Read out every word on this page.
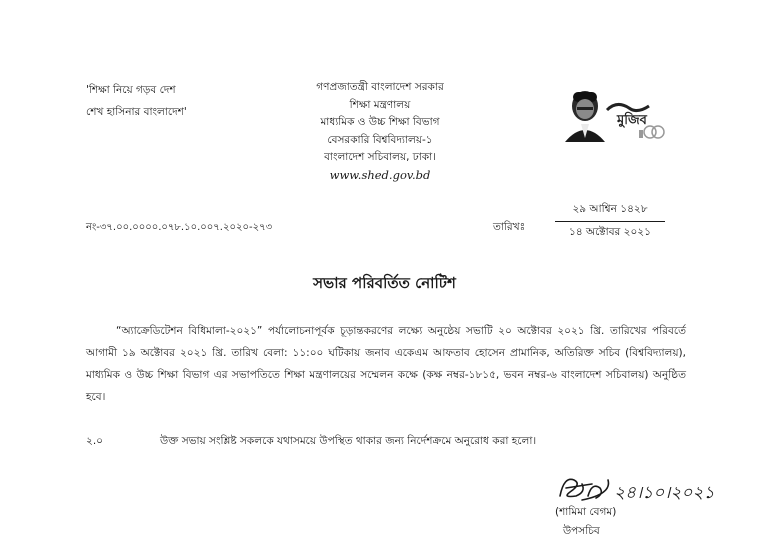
'শিক্ষা নিয়ে গড়ব দেশ
শেখ হাসিনার বাংলাদেশ'
গণপ্রজাতন্ত্রী বাংলাদেশ সরকার
শিক্ষা মন্ত্রণালয়
মাধ্যমিক ও উচ্চ শিক্ষা বিভাগ
বেসরকারি বিশ্ববিদ্যালয়-১
বাংলাদেশ সচিবালয়, ঢাকা।
www.shed.gov.bd
মুজিব
নং-৩৭.০০.০০০০.০৭৮.১০.০০৭.২০২০-২৭৩	তারিখঃ
২৯ আশ্বিন ১৪২৮
১৪ অক্টোবর ২০২১
সভার পরিবর্তিত নোটিশ
“অ্যাক্রেডিটেশন বিধিমালা-২০২১” পর্যালোচনাপূর্বক চূড়ান্তকরণের লক্ষ্যে অনুষ্ঠেয় সভাটি ২০ অক্টোবর ২০২১ খ্রি. তারিখের পরিবর্তে আগামী ১৯ অক্টোবর ২০২১ খ্রি. তারিখ বেলা: ১১:০০ ঘটিকায় জনাব একেএম আফতাব হোসেন প্রামানিক, অতিরিক্ত সচিব (বিশ্ববিদ্যালয়), মাধ্যমিক ও উচ্চ শিক্ষা বিভাগ এর সভাপতিতে শিক্ষা মন্ত্রণালয়ের সম্মেলন কক্ষে (কক্ষ নম্বর-১৮১৫, ভবন নম্বর-৬ বাংলাদেশ সচিবালয়) অনুষ্ঠিত হবে।
২.০	উক্ত সভায় সংশ্লিষ্ট সকলকে যথাসময়ে উপস্থিত থাকার জন্য নির্দেশক্রমে অনুরোধ করা হলো।
২৪।১০।২০২১
(শামিমা বেগম)
উপসচিব
